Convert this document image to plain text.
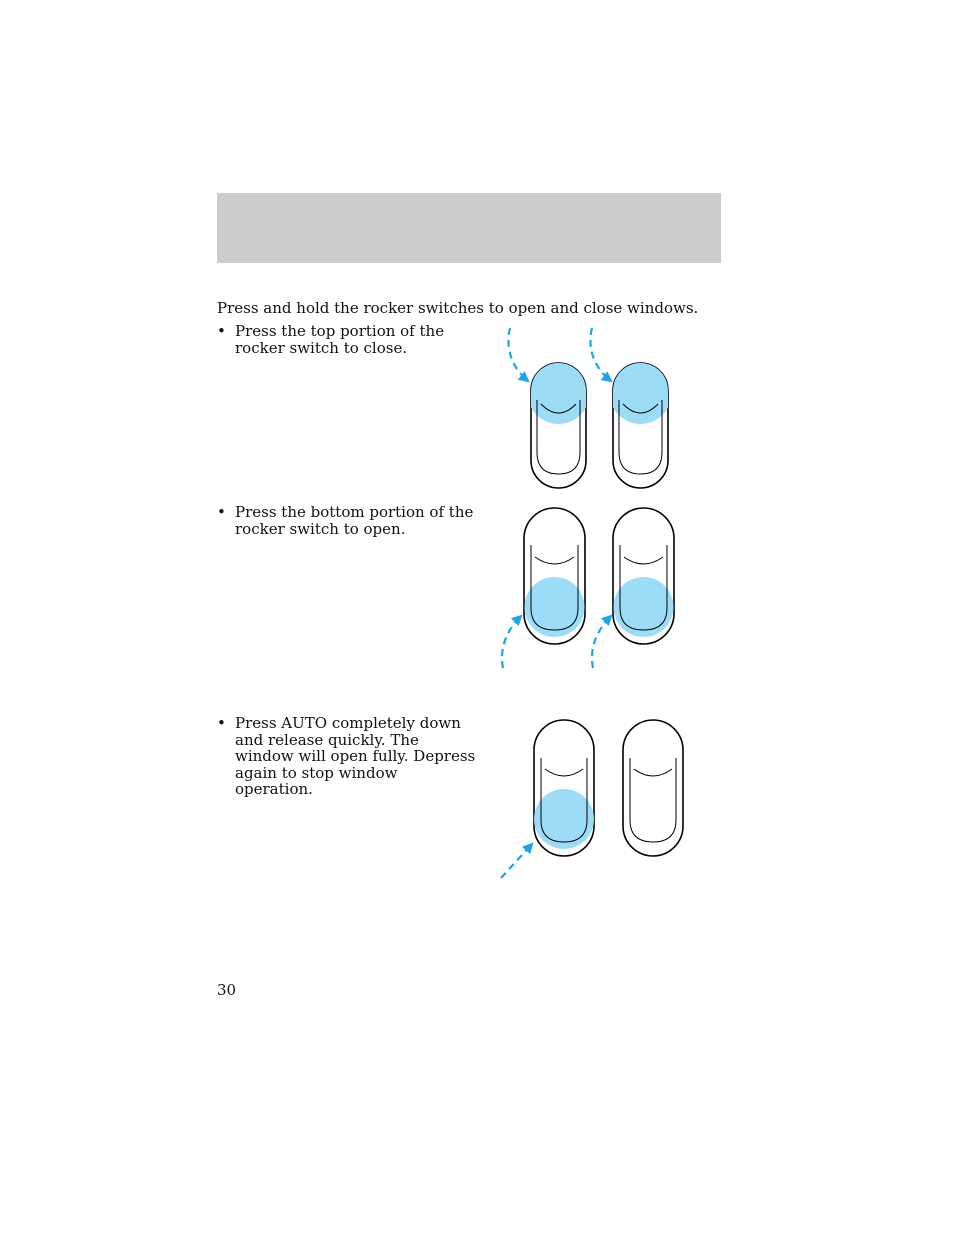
Press and hold the rocker switches to open and close windows.
• Press the top portion of the rocker switch to close.
• Press the bottom portion of the rocker switch to open.
• Press AUTO completely down and release quickly. The window will open fully. Depress again to stop window operation.
30
